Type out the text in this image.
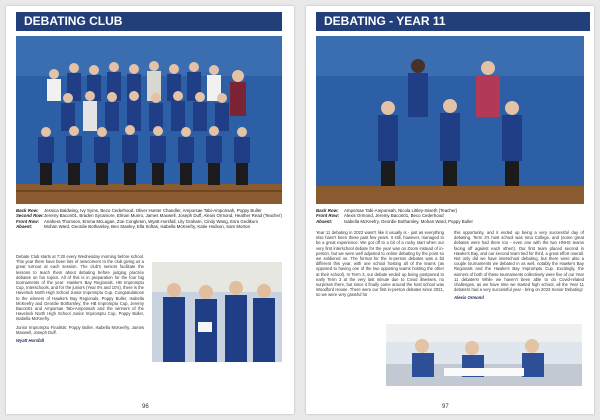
DEBATING CLUB
Back Row:	Jessica Baldwing, Ivy Syms, Beco Cederhood, Oliver Hunter Chandler, Amporsae Tabi-Amponsah, Poppy Buller
Second Row: Jeremy Bacon01, Braden Sycamore, Elman Munro, James Maxwell, Joseph Duff, Alexis Ormond, Heather Read (Teacher)
Front Row:	Anahera Thomson, Emma McLagan, Zoe Congleton, Wyatt Horsfall, Lily Graham, Cindy Wang, Esra Gedikum
Absent:	Mohan Ward, Geordie Bothamley, Ben Stanley, Ella Softas, Isabella McKeefry, Katie Hodson, Sam Morton

Debate Club starts at 7:30 every Wednesday morning before school. This year there have been lots of newcomers to the club giving us a great turnout at each session. The club's seniors facilitate the lessons to teach them about debating before judging practice debates on fun topics. All of this is in preparation for the four big tournaments of the year: Hawke's Bay Regionals, HB Impromptu Cup, Interschools, and for the juniors (Year 9's and 10's), there is the Havelock North High School Junior Impromptu Cup. Congratulations to the winners of Hawke's Bay Regionals, Poppy Buller, Isabella McKeefry and Geordie Bothamley; the HB Impromptu Cup, Jeremy Bacon01 and Amporsae Tabi-Amponsah and the winners of the Havelock North High School Junior Impromptu Cup, Poppy Buller, Isabella McKeefry.

Junior Impromptu Finalists: Poppy Buller, Isabella McKeefry, James Maxwell, Joseph Duff.

Wyatt Horsfall

96
DEBATING - YEAR 11
Back Row:	Amporsae Tabi-Amponsah, Nicola Littley-Iniseth (Teacher)
Front Row:	Alexis Ormond, Jeremy Bacon01, Beco Cederhood
Absent:	Isabella McKeefry, Geordie Bothamley, Mohan Ward, Poppy Buller

Year 11 debating in 2022 wasn't like it usually is - just as everything else hasn't been these past few years. It still, however, managed to be a great experience. We got off to a bit of a rocky start when our very first interschool debate for the year was on Zoom instead of in-person, but we were well adjusted to online debating by the point so we soldiered on. The format for the in-person debates was a bit different this year, with one school hosting all of the teams (as opposed to having one of the two opposing teams hosting the other at their school). In Term 3, our debate ended up being postponed to early Term 3 at the very last minute due to Covid illnesses, no surprises there, but since it finally came around the host school was Woodford House. There were our first in-person debates since 2021, so we were very grateful for

this opportunity, and it ended up being a very successful day of debating. Term 3's host school was Iona College, and (some great debates were had there too - even one with the two HNHS teams facing off against each other!). Our first team placed second in Hawke's Bay, and our second team tied for third, a great effort overall. Not only did we have interschool debating, but there were also a couple tournaments we debated in as well, notably the Hawke's Bay Regionals and the Hawke's Bay Impromptu Cup. Excitingly, the winners of both of these tournaments collectively were five of our Year 11 debaters! While we haven't been able to do Covid-related challenges, as we have time we started high school, all the Year 11 debaters had a very successful year - bring on 2023 Senior Debating!

Alexis Ormond

97
